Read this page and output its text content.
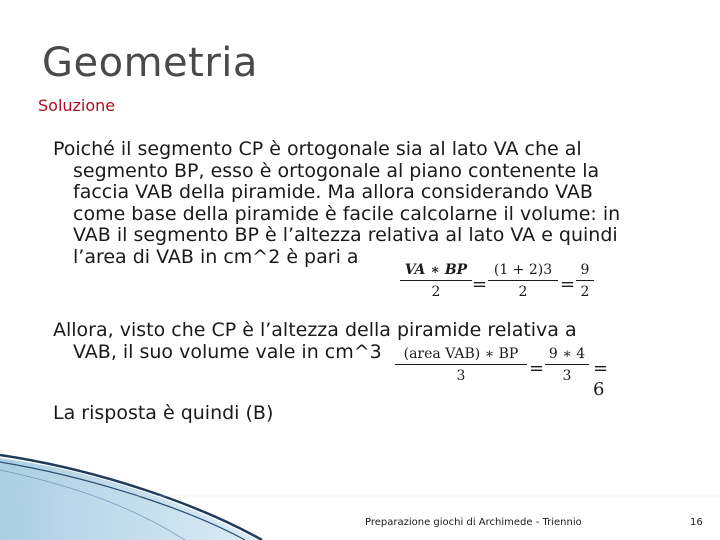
Geometria
Soluzione
Poiché il segmento CP è ortogonale sia al lato VA che al
segmento BP, esso è ortogonale al piano contenente la
faccia VAB della piramide. Ma allora considerando VAB
come base della piramide è facile calcolarne il volume: in
VAB il segmento BP è l’altezza relativa al lato VA e quindi
l’area di VAB in cm^2 è pari a
VA ∗ BP
2	=
(1 + 2)3
2	=
9
2
Allora, visto che CP è l’altezza della piramide relativa a
VAB, il suo volume vale in cm^3	(area VAB) ∗ BP
3	=
9 ∗ 4
3	= 6
La risposta è quindi (B)
Preparazione giochi di Archimede - Triennio	16
